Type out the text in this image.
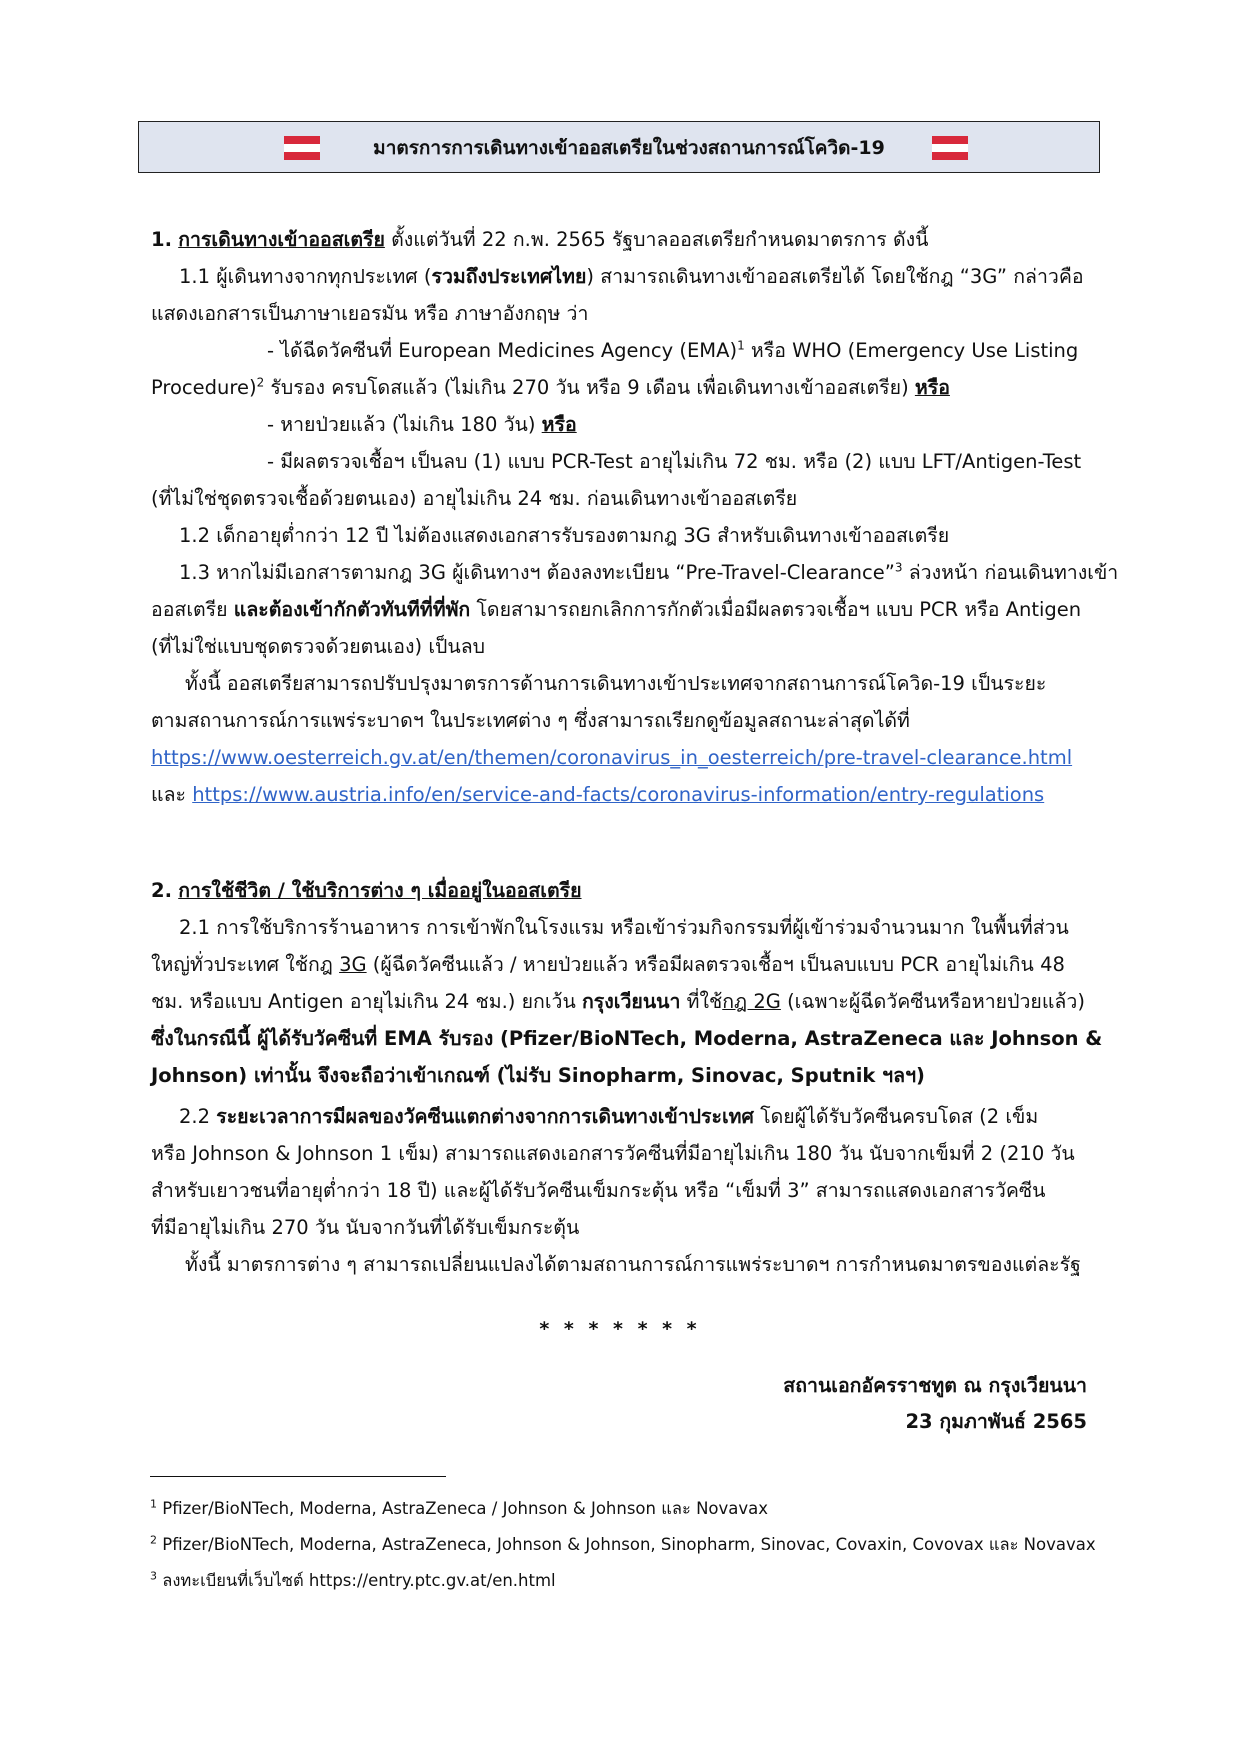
มาตรการการเดินทางเข้าออสเตรียในช่วงสถานการณ์โควิด-19
1. การเดินทางเข้าออสเตรีย ตั้งแต่วันที่ 22 ก.พ. 2565 รัฐบาลออสเตรียกำหนดมาตรการ ดังนี้
1.1 ผู้เดินทางจากทุกประเทศ (รวมถึงประเทศไทย) สามารถเดินทางเข้าออสเตรียได้ โดยใช้กฎ “3G” กล่าวคือ
แสดงเอกสารเป็นภาษาเยอรมัน หรือ ภาษาอังกฤษ ว่า
- ได้ฉีดวัคซีนที่ European Medicines Agency (EMA)$^1$ หรือ WHO (Emergency Use Listing
Procedure)$^2$ รับรอง ครบโดสแล้ว (ไม่เกิน 270 วัน หรือ 9 เดือน เพื่อเดินทางเข้าออสเตรีย) หรือ
- หายป่วยแล้ว (ไม่เกิน 180 วัน) หรือ
- มีผลตรวจเชื้อฯ เป็นลบ (1) แบบ PCR-Test อายุไม่เกิน 72 ชม. หรือ (2) แบบ LFT/Antigen-Test
(ที่ไม่ใช่ชุดตรวจเชื้อด้วยตนเอง) อายุไม่เกิน 24 ชม. ก่อนเดินทางเข้าออสเตรีย
1.2 เด็กอายุต่ำกว่า 12 ปี ไม่ต้องแสดงเอกสารรับรองตามกฎ 3G สำหรับเดินทางเข้าออสเตรีย
1.3 หากไม่มีเอกสารตามกฎ 3G ผู้เดินทางฯ ต้องลงทะเบียน “Pre-Travel-Clearance”$^3$ ล่วงหน้า ก่อนเดินทางเข้า
ออสเตรีย และต้องเข้ากักตัวทันทีที่ที่พัก โดยสามารถยกเลิกการกักตัวเมื่อมีผลตรวจเชื้อฯ แบบ PCR หรือ Antigen
(ที่ไม่ใช่แบบชุดตรวจด้วยตนเอง) เป็นลบ
ทั้งนี้ ออสเตรียสามารถปรับปรุงมาตรการด้านการเดินทางเข้าประเทศจากสถานการณ์โควิด-19 เป็นระยะ
ตามสถานการณ์การแพร่ระบาดฯ ในประเทศต่าง ๆ ซึ่งสามารถเรียกดูข้อมูลสถานะล่าสุดได้ที่
https://www.oesterreich.gv.at/en/themen/coronavirus_in_oesterreich/pre-travel-clearance.html
และ https://www.austria.info/en/service-and-facts/coronavirus-information/entry-regulations
2. การใช้ชีวิต / ใช้บริการต่าง ๆ เมื่ออยู่ในออสเตรีย
2.1 การใช้บริการร้านอาหาร การเข้าพักในโรงแรม หรือเข้าร่วมกิจกรรมที่ผู้เข้าร่วมจำนวนมาก ในพื้นที่ส่วน
ใหญ่ทั่วประเทศ ใช้กฎ 3G (ผู้ฉีดวัคซีนแล้ว / หายป่วยแล้ว หรือมีผลตรวจเชื้อฯ เป็นลบแบบ PCR อายุไม่เกิน 48
ชม. หรือแบบ Antigen อายุไม่เกิน 24 ชม.) ยกเว้น กรุงเวียนนา ที่ใช้กฎ 2G (เฉพาะผู้ฉีดวัคซีนหรือหายป่วยแล้ว)
ซึ่งในกรณีนี้ ผู้ได้รับวัคซีนที่ EMA รับรอง (Pfizer/BioNTech, Moderna, AstraZeneca และ Johnson &
Johnson) เท่านั้น จึงจะถือว่าเข้าเกณฑ์ (ไม่รับ Sinopharm, Sinovac, Sputnik ฯลฯ)
2.2 ระยะเวลาการมีผลของวัคซีนแตกต่างจากการเดินทางเข้าประเทศ โดยผู้ได้รับวัคซีนครบโดส (2 เข็ม
หรือ Johnson & Johnson 1 เข็ม) สามารถแสดงเอกสารวัคซีนที่มีอายุไม่เกิน 180 วัน นับจากเข็มที่ 2 (210 วัน
สำหรับเยาวชนที่อายุต่ำกว่า 18 ปี) และผู้ได้รับวัคซีนเข็มกระตุ้น หรือ “เข็มที่ 3” สามารถแสดงเอกสารวัคซีน
ที่มีอายุไม่เกิน 270 วัน นับจากวันที่ได้รับเข็มกระตุ้น
ทั้งนี้ มาตรการต่าง ๆ สามารถเปลี่ยนแปลงได้ตามสถานการณ์การแพร่ระบาดฯ การกำหนดมาตรของแต่ละรัฐ
* * * * * * *
สถานเอกอัครราชทูต ณ กรุงเวียนนา
23 กุมภาพันธ์ 2565
$^1$ Pfizer/BioNTech, Moderna, AstraZeneca / Johnson & Johnson และ Novavax
$^2$ Pfizer/BioNTech, Moderna, AstraZeneca, Johnson & Johnson, Sinopharm, Sinovac, Covaxin, Covovax และ Novavax
$^3$ ลงทะเบียนที่เว็บไซต์ https://entry.ptc.gv.at/en.html
